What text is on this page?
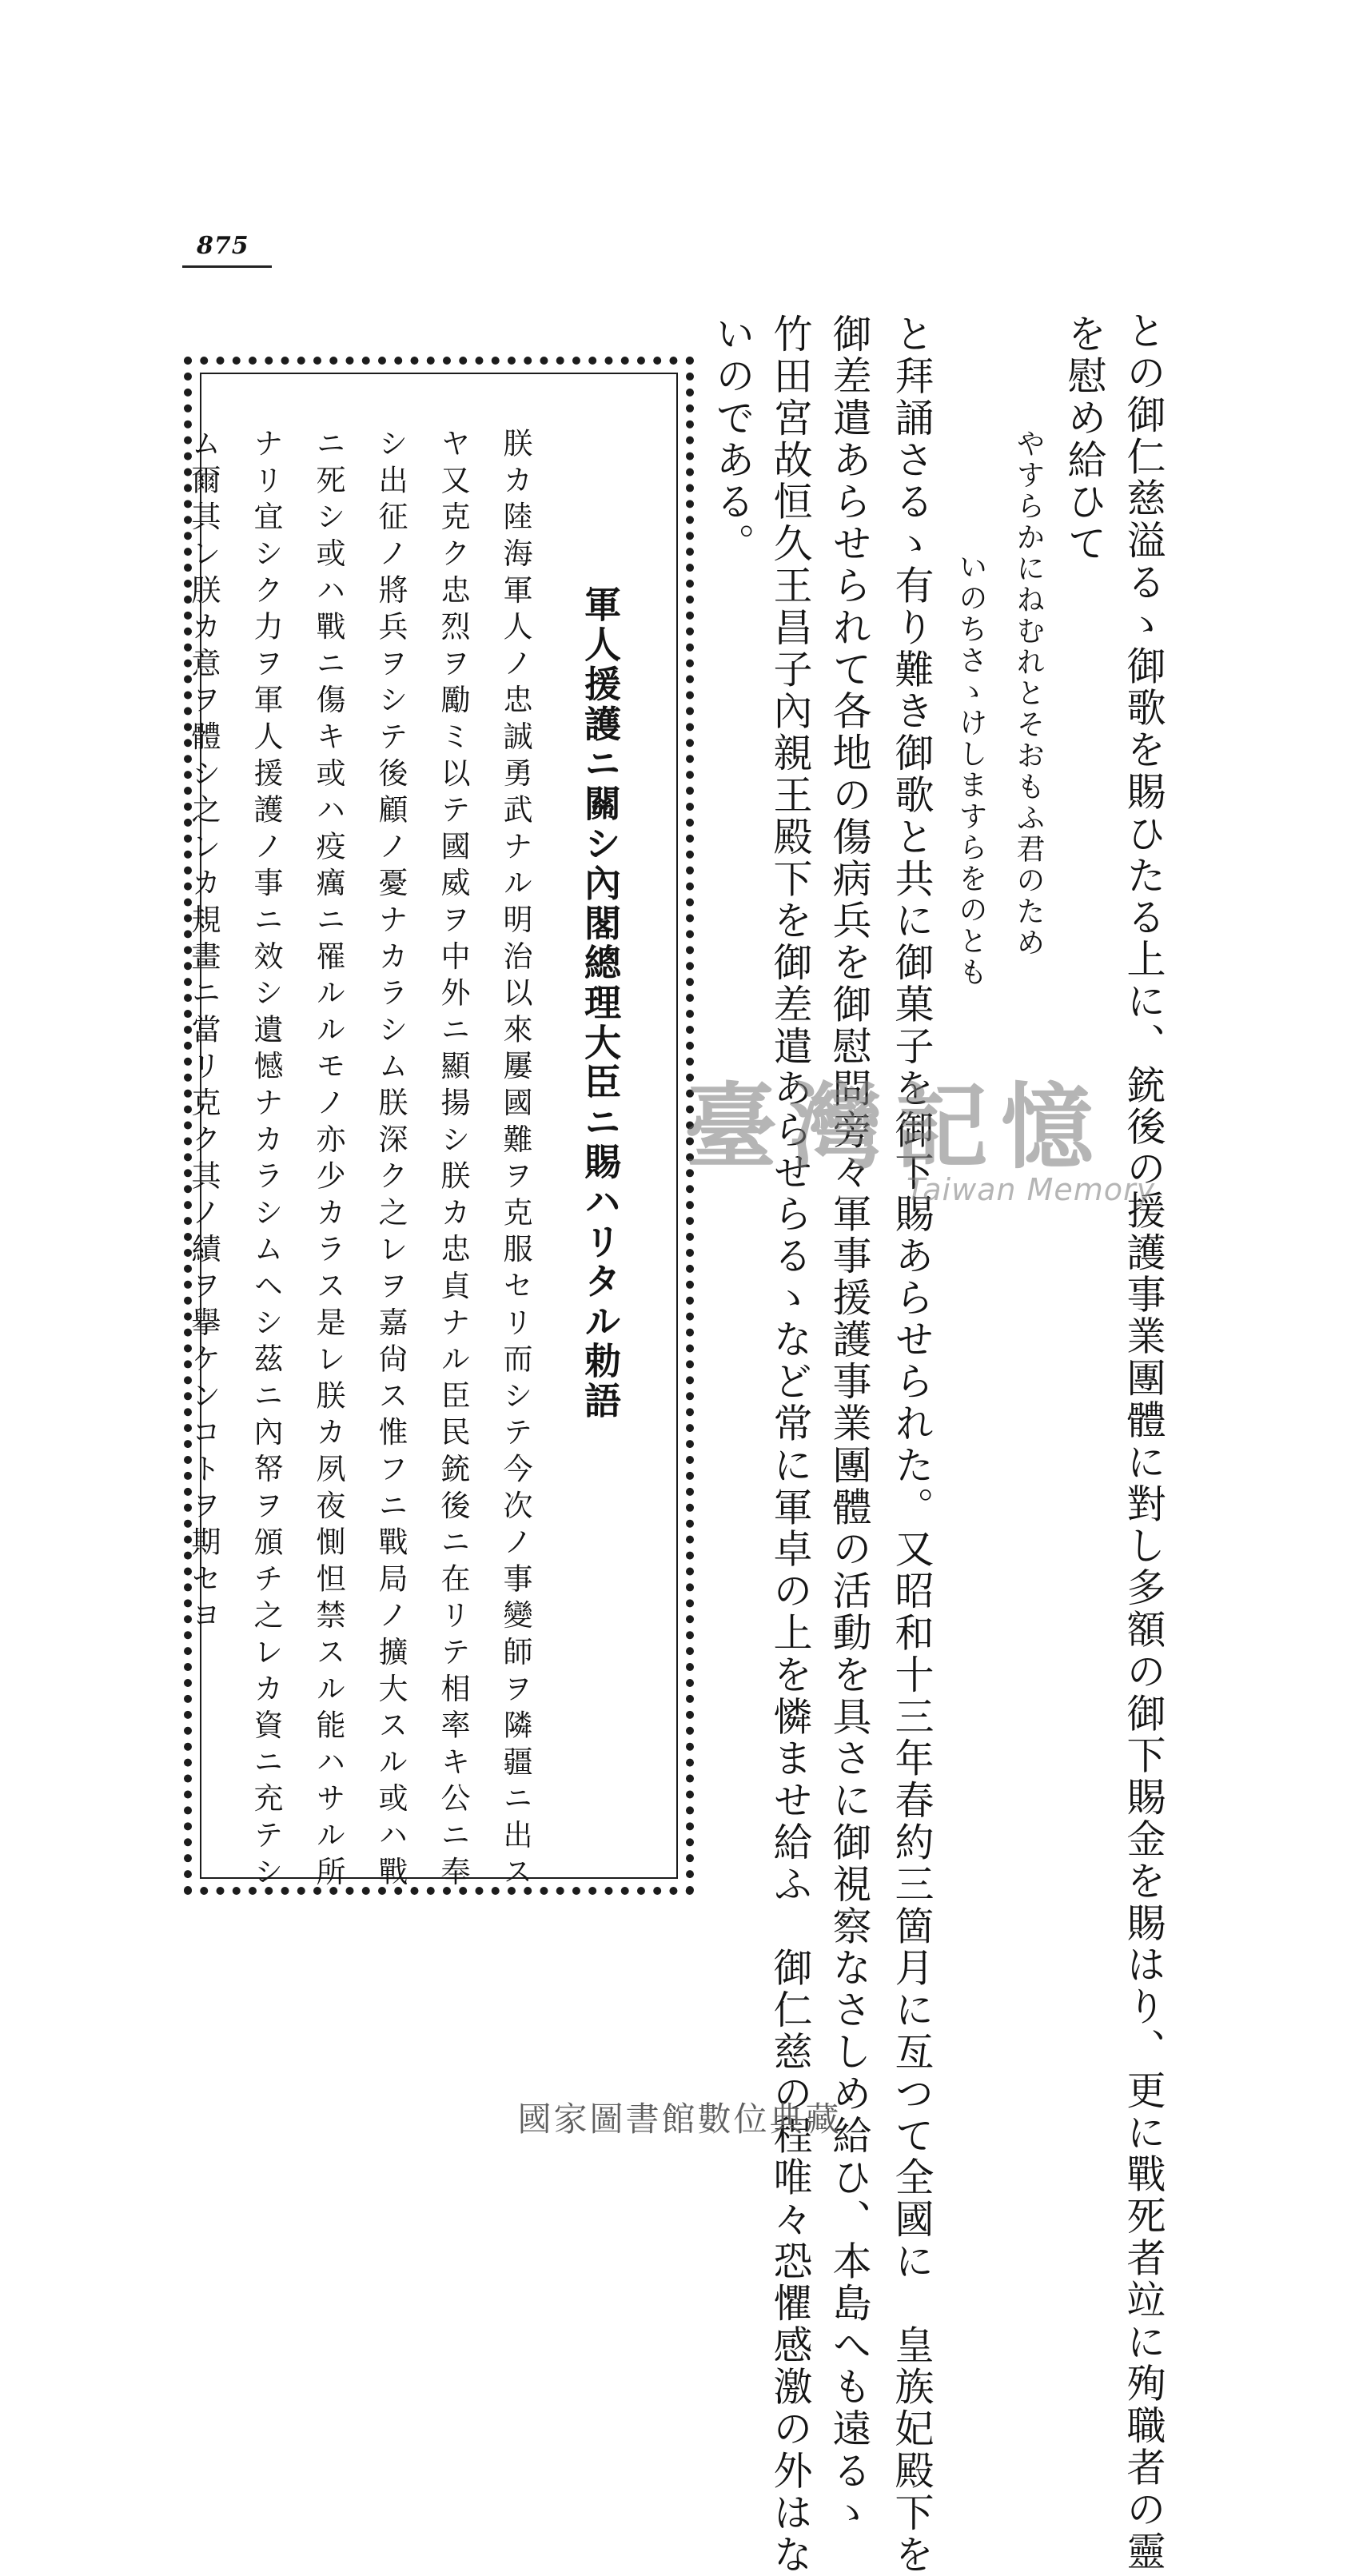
875
との御仁慈溢るゝ御歌を賜ひたる上に、銃後の援護事業團體に對し多額の御下賜金を賜はり、更に戰死者竝に殉職者の靈
を慰め給ひて
やすらかにねむれとそおもふ君のため
いのちさゝけしますらをのとも
と拜誦さるゝ有り難き御歌と共に御菓子を御下賜あらせられた。又昭和十三年春約三箇月に亙つて全國に　皇族妃殿下を
御差遣あらせられて各地の傷病兵を御慰問旁々軍事援護事業團體の活動を具さに御視察なさしめ給ひ、本島へも遠るゝ
竹田宮故恒久王昌子內親王殿下を御差遣あらせらるゝなど常に軍卓の上を憐ませ給ふ　御仁慈の程唯々恐懼感激の外はな
いのである。
軍人援護ニ關シ內閣總理大臣ニ賜ハリタル勅語
朕カ陸海軍人ノ忠誠勇武ナル明治以來屢國難ヲ克服セリ而シテ今次ノ事變師ヲ隣疆ニ出ス
ヤ又克ク忠烈ヲ勵ミ以テ國威ヲ中外ニ顯揚シ朕カ忠貞ナル臣民銃後ニ在リテ相率キ公ニ奉
シ出征ノ將兵ヲシテ後顧ノ憂ナカラシム朕深ク之レヲ嘉尙ス惟フニ戰局ノ擴大スル或ハ戰
ニ死シ或ハ戰ニ傷キ或ハ疫癘ニ罹ルルモノ亦少カラス是レ朕カ夙夜惻怛禁スル能ハサル所
ナリ宜シク力ヲ軍人援護ノ事ニ效シ遺憾ナカラシムヘシ茲ニ內帑ヲ頒チ之レカ資ニ充テシ
ム爾其レ朕カ意ヲ體シ之レカ規畫ニ當リ克ク其ノ績ヲ擧ケンコトヲ期セヨ	臺灣記憶
Taiwan Memory
國家圖書館數位典藏
